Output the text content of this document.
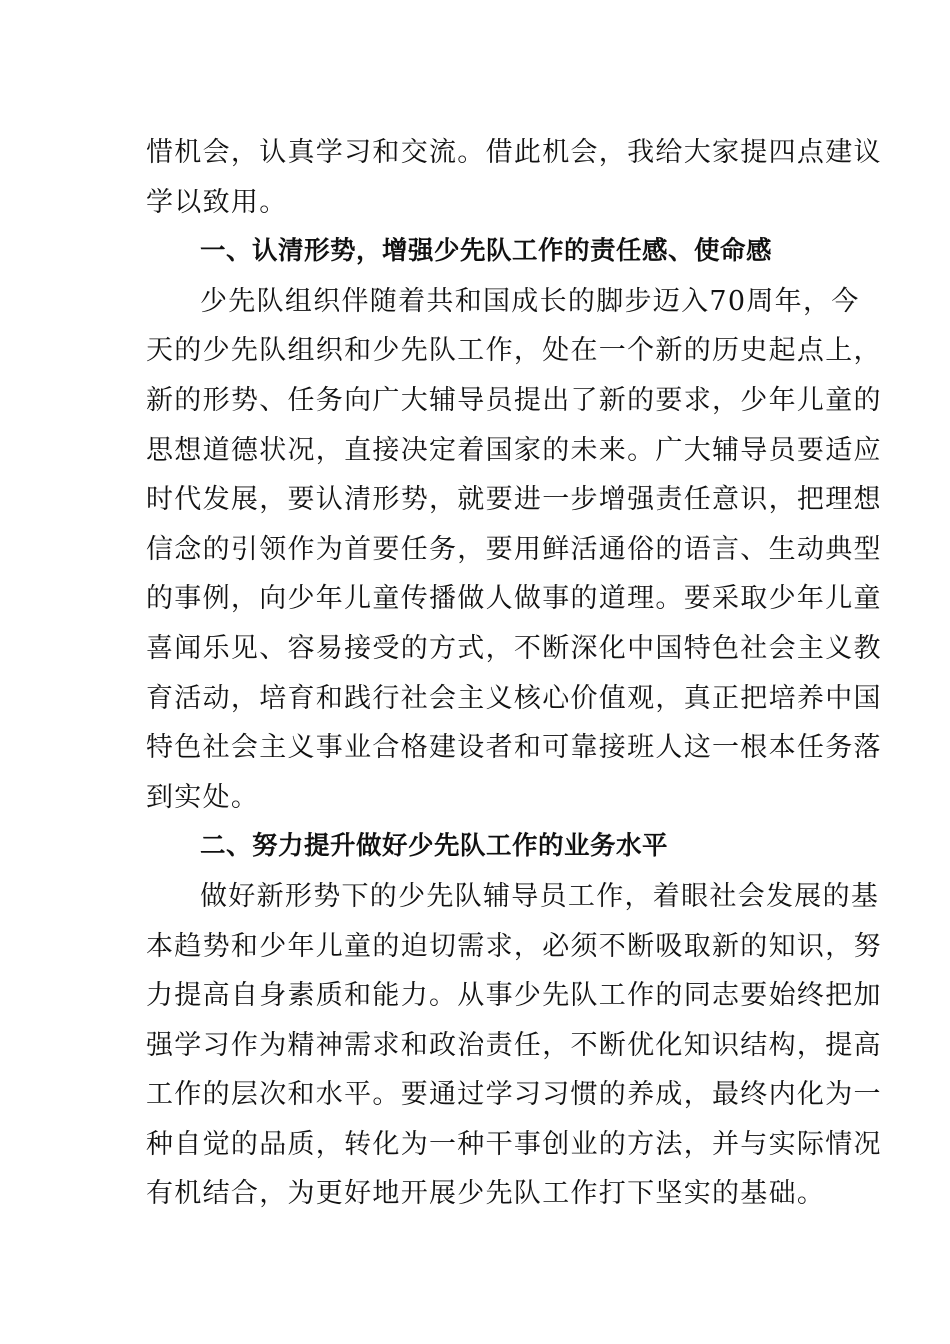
惜机会，认真学习和交流。借此机会，我给大家提四点建议
学以致用。
一、认清形势，增强少先队工作的责任感、使命感
少先队组织伴随着共和国成长的脚步迈入70周年，今
天的少先队组织和少先队工作，处在一个新的历史起点上，
新的形势、任务向广大辅导员提出了新的要求，少年儿童的
思想道德状况，直接决定着国家的未来。广大辅导员要适应
时代发展，要认清形势，就要进一步增强责任意识，把理想
信念的引领作为首要任务，要用鲜活通俗的语言、生动典型
的事例，向少年儿童传播做人做事的道理。要采取少年儿童
喜闻乐见、容易接受的方式，不断深化中国特色社会主义教
育活动，培育和践行社会主义核心价值观，真正把培养中国
特色社会主义事业合格建设者和可靠接班人这一根本任务落
到实处。
二、努力提升做好少先队工作的业务水平
做好新形势下的少先队辅导员工作，着眼社会发展的基
本趋势和少年儿童的迫切需求，必须不断吸取新的知识，努
力提高自身素质和能力。从事少先队工作的同志要始终把加
强学习作为精神需求和政治责任，不断优化知识结构，提高
工作的层次和水平。要通过学习习惯的养成，最终内化为一
种自觉的品质，转化为一种干事创业的方法，并与实际情况
有机结合，为更好地开展少先队工作打下坚实的基础。
